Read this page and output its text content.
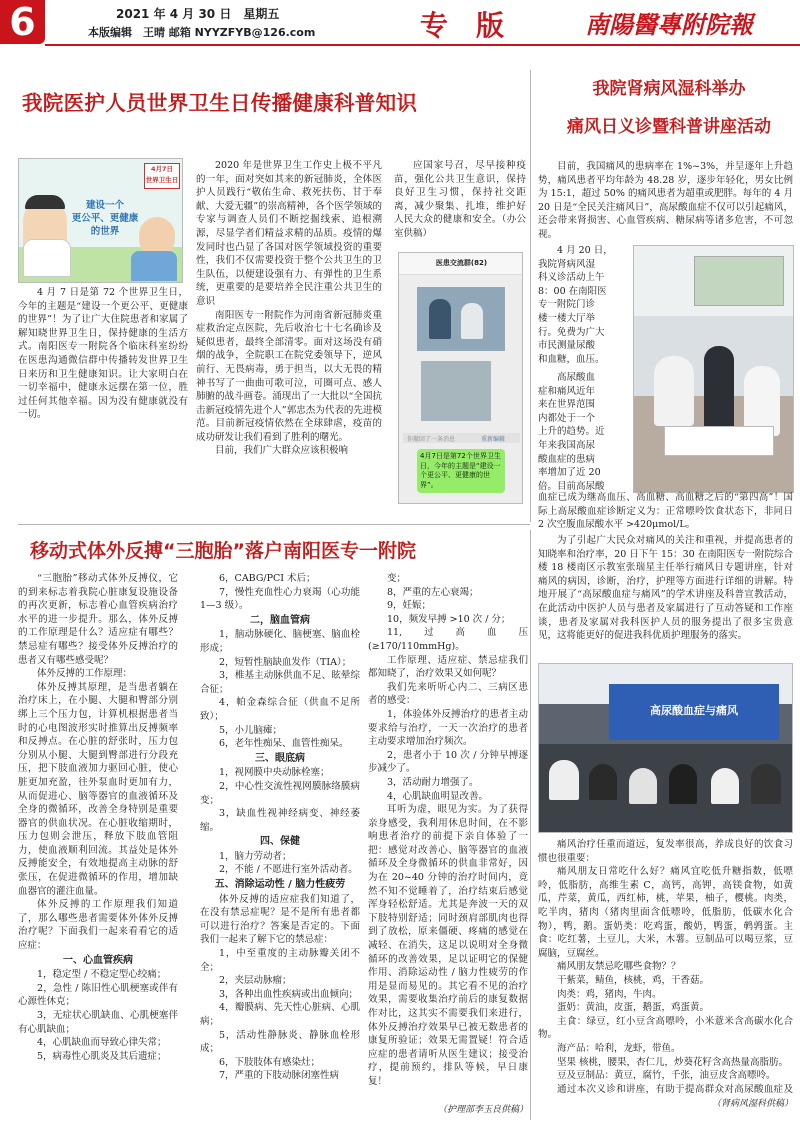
6	2021 年 4 月 30 日　星期五
本版编辑　王晴 邮箱 NYYZFYB@126.com	专　版	南陽醫專附院報
我院医护人员世界卫生日传播健康科普知识
4月7日
世界卫生日
建设一个
更公平、更健康
的世界

4 月 7 日是第 72 个世界卫生日，今年的主题是“建设一个更公平、更健康的世界”！为了让广大住院患者和家属了解知晓世界卫生日，保持健康的生活方式。南阳医专一附院各个临床科室纷纷在医患沟通微信群中传播转发世界卫生日来历和卫生健康知识。让大家明白在一切幸福中，健康永远摆在第一位，胜过任何其他幸福。因为没有健康就没有一切。

2020 年是世界卫生工作史上极不平凡的一年，面对突如其来的新冠肺炎，全体医护人员践行“敬佑生命、救死扶伤、甘于奉献、大爱无疆”的崇高精神，各个医学领域的专家与调查人员们不断挖掘线索、追根溯源，尽显学者们精益求精的品质。疫情的爆发同时也凸显了各国对医学领域投资的重要性，我们不仅需要投资于整个公共卫生的卫生队伍，以便建设强有力、有弹性的卫生系统，更重要的是要培养全民注重公共卫生的意识

南阳医专一附院作为河南省新冠肺炎重症救治定点医院，先后收治七十七名确诊及疑似患者，最终全部清零。面对这场没有硝烟的战争，全院职工在院党委领导下，逆风前行、无畏病毒，勇于担当，以大无畏的精神书写了一曲曲可歌可泣，可圈可点、感人肺腑的战斗画卷。涌现出了一大批以“全国抗击新冠疫情先进个人”郭忠杰为代表的先进模范。目前新冠疫情依然在全球肆虐，疫苗的成功研发让我们看到了胜利的曙光。

目前，我们广大群众应该积极响

应国家号召，尽早接种疫苗，强化公共卫生意识，保持良好卫生习惯，保持社交距离，减少聚集、扎堆，维护好人民大众的健康和安全。（办公室供稿）

医患交流群(82)
你撤回了一条消息	重新编辑
4月7日是第72个世界卫生日，今年的主题是“建设一个更公平、更健康的世界”。
我院肾病风湿科举办
痛风日义诊暨科普讲座活动

目前，我国痛风的患病率在 1%~3%，并呈逐年上升趋势，痛风患者平均年龄为 48.28 岁，逐步年轻化，男女比例为 15:1，超过 50% 的痛风患者为超重或肥胖。每年的 4 月 20 日是“全民关注痛风日”，高尿酸血症不仅可以引起痛风，还会带来肾损害、心血管疾病、糖尿病等诸多危害，不可忽视。

4 月 20 日，

我院肾病风湿

科义诊活动上午

8：00 在南阳医

专一附院门诊

楼一楼大厅举

行。免费为广大

市民测量尿酸

和血糖，血压。

高尿酸血

症和痛风近年

来在世界范围

内都处于一个

上升的趋势。近

年来我国高尿

酸血症的患病

率增加了近 20

倍。目前高尿酸

血症已成为继高血压、高血糖、高血糖之后的“第四高”！国际上高尿酸血症诊断定义为：正常嘌呤饮食状态下，非同日 2 次空腹血尿酸水平 >420μmol/L。

为了引起广大民众对痛风的关注和重视，并提高患者的知晓率和治疗率，20 日下午 15：30 在南阳医专一附院综合楼 18 楼南区示教室张瑞星主任举行痛风日专题讲座，针对痛风的病因，诊断，治疗，护理等方面进行详细的讲解。特地开展了“高尿酸血症与痛风”的学术讲座及科普宣教活动，在此活动中医护人员与患者及家属进行了互动答疑和工作座谈，患者及家属对我科医护人员的服务提出了很多宝贵意见，这将能更好的促进我科优质护理服务的落实。

高尿酸血症与痛风

痛风治疗任重而道远，复发率很高，养成良好的饮食习惯也很重要：

痛风朋友日常吃什么好？痛风宜吃低升糖指数，低嘌呤，低脂肪，高维生素 C，高钙，高钾，高镁食物，如黄瓜，芹菜，黄瓜，西红柿，桃，苹果，柚子，樱桃。肉类，吃半肉，猪肉（猪肉里面含低嘌呤，低脂肪，低碳水化合物），鸭，鹅。蛋奶类：吃鸡蛋，酸奶，鸭蛋，鹌鹑蛋。主食：吃红薯，土豆儿，大米，木薯。豆制品可以喝豆浆，豆腐脑，豆腐丝。

痛风朋友禁忌吃哪些食物？？

干紫菜，鲭鱼，核桃，鸡，干香菇。

肉类：鸡，猪肉，牛肉。

蛋奶：黄油，皮蛋，鹅蛋，鸡蛋黄。

主食：绿豆，红小豆含高嘌呤，小米薏米含高碳水化合物。

海产品：哈利，龙虾，带鱼。

坚果 核桃，腰果，杏仁儿，炒葵花籽含高热量高脂肪。

豆及豆制品：黄豆，腐竹，千张，油豆皮含高嘌呤。

通过本次义诊和讲座，有助于提高群众对高尿酸血症及

（肾病风湿科供稿）
移动式体外反搏“三胞胎”落户南阳医专一附院

“三胞胎”移动式体外反搏仪，它的到来标志着我院心脏康复设施设备的再次更新，标志着心血管疾病治疗水平的进一步提升。那么，体外反搏的工作原理是什么？适应症有哪些？禁忌症有哪些？接受体外反搏治疗的患者又有哪些感受呢？

体外反搏的工作原理：

体外反搏其原理，是当患者躺在治疗床上，在小腿、大腿和臀部分别绑上三个压力包，计算机根据患者当时的心电图波形实时推算出反搏频率和反搏点。在心脏的舒张时，压力包分别从小腿、大腿到臀部进行分段充压，把下肢血液加力驱回心脏，使心脏更加充盈，往外泵血时更加有力，从而促进心、脑等器官的血液循环及全身的微循环，改善全身特别是重要器官的供血状况。在心脏收缩期时，压力包则会泄压，释放下肢血管阻力，使血液顺利回流。其益处是体外反搏能安全，有效地提高主动脉的舒张压，在促进微循环的作用，增加缺血器官的灌注血量。

体外反搏的工作原理我们知道了，那么哪些患者需要体外体外反搏治疗呢？下面我们一起来看看它的适应症：

一、心血管疾病

1，稳定型 / 不稳定型心绞痛；

2，急性 / 陈旧性心肌梗塞或伴有心源性休克；

3，无症状心肌缺血、心肌梗塞伴有心肌缺血；

4，心肌缺血而导致心律失常；

5，病毒性心肌炎及其后遗症；

6，CABG/PCI 术后；

7，慢性充血性心力衰竭（心功能 1—3 级）。

二，脑血管病

1，脑动脉硬化、脑梗塞、脑血栓形成；

2，短暂性脑缺血发作（TIA）；

3，椎基主动脉供血不足、眩晕综合征；

4，帕金森综合征（供血不足所致）；

5，小儿脑瘫；

6，老年性痴呆、血管性痴呆。

三、眼底病

1，视网膜中央动脉栓塞；

2，中心性交流性视网膜脉络膜病变；

3，缺血性视神经病变、神经萎缩。

四、保健

1，脑力劳动者；

2，不能 / 不愿进行室外活动者。

五、消除运动性 / 脑力性疲劳

体外反搏的适应症我们知道了，在没有禁忌症呢？是不是所有患者都可以进行治疗？答案是否定的。下面我们一起来了解下它的禁忌症：

1，中至重度的主动脉瓣关闭不全；

2，夹层动脉瘤；

3，各种出血性疾病或出血倾向；

4，瓣膜病、先天性心脏病、心肌病；

5，活动性静脉炎、静脉血栓形成；

6，下肢肢体有感染灶；

7，严重的下肢动脉闭塞性病

变；

8，严重的左心衰竭；

9，妊娠；

10，频发早搏 >10 次 / 分；

11,过高血压(≥170/110mmHg)。

工作原理、适应症、禁忌症我们都知晓了，治疗效果又如何呢？

我们先来听听心内二、三病区患者的感受：

1，体验体外反搏治疗的患者主动要求给与治疗，一天一次治疗的患者主动要求增加治疗频次。

2，患者小于 10 次 / 分钟早搏逐步减少了。

3，活动耐力增强了。

4，心肌缺血明显改善。

耳听为虚，眼见为实。为了获得亲身感受，我利用休息时间，在不影响患者治疗的前提下亲自体验了一把：感觉对改善心、脑等器官的血液循环及全身微循环的供血非常好，因为在 20~40 分钟的治疗时间内，竟然不知不觉睡着了，治疗结束后感觉浑身轻松舒适。尤其是奔波一天的双下肢特别舒适；同时颈肩部肌肉也得到了放松，原来僵硬、疼痛的感觉在减轻、在消失，这足以说明对全身微循环的改善效果，足以证明它的保健作用、消除运动性 / 脑力性疲劳的作用是显而易见的。其它看不见的治疗效果，需要收集治疗前后的康复数据作对比，这其实不需要我们来进行，体外反搏治疗效果早已被无数患者的康复所验证；效果无需置疑！符合适应症的患者请听从医生建议；接受治疗，提前预约，排队等候，早日康复！

（护理部李玉良供稿）
